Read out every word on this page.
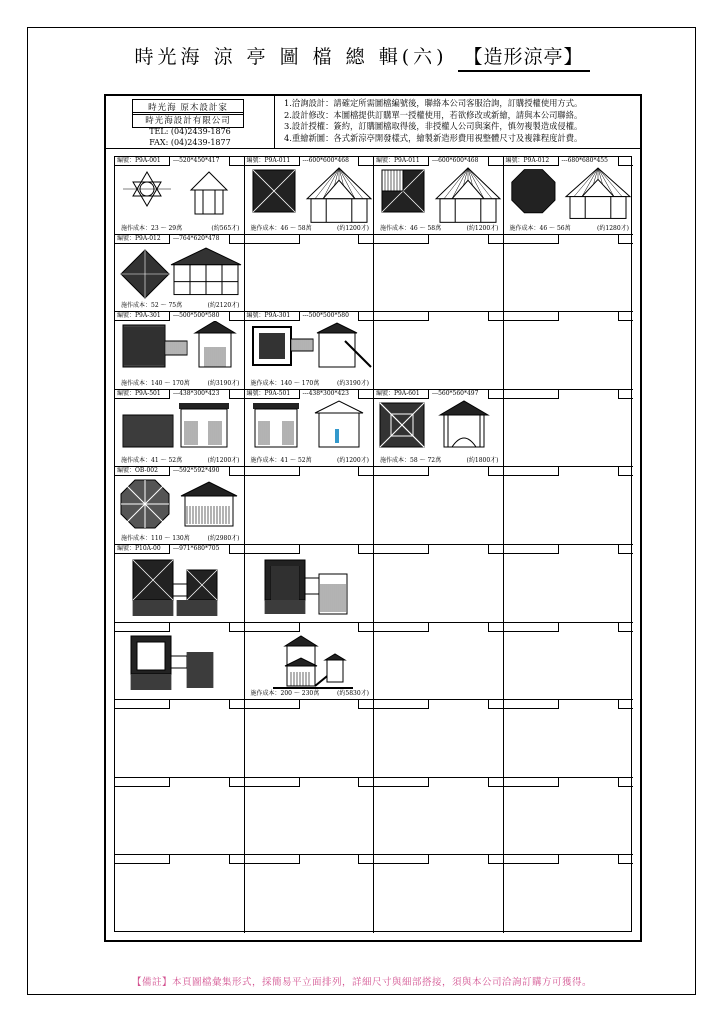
時光海 涼 亭 圖 檔 總 輯(六) 【造形涼亭】
時光海 原木設計家
時光海設計有限公司
TEL: (04)2439-1876
FAX: (04)2439-1877
1.洽詢設計：請確定所需圖檔編號後，聯絡本公司客服洽詢，訂購授權使用方式。
2.設計修改：本圖檔提供訂購單一授權使用，若欲修改或新繪，請與本公司聯絡。
3.設計授權：簽約，訂購圖檔取得後，非授權人公司與案件，慎勿複製造成侵權。
4.重繪新圖：各式新涼亭開發樣式，繪製新造形費用視整體尺寸及複雜程度計費。
編號：P9A-001	---520*450*417
施作成本：23 ～ 29萬	(約565才)
編號：P9A-011	---600*600*468
施作成本：46 ～ 58萬	(約1200才)
編號：P9A-011	---600*600*468
施作成本：46 ～ 58萬	(約1200才)
編號：P9A-012	---680*680*455
施作成本：46 ～ 56萬	(約1280才)
編號：P9A-012	---764*620*478
施作成本：52 ～ 75萬	(約2120才)
編號：P9A-301	---500*500*580
施作成本：140 ～ 170萬	(約3190才)
編號：P9A-301	---500*500*580
施作成本：140 ～ 170萬	(約3190才)
編號：P9A-501	---438*300*423
施作成本：41 ～ 52萬	(約1200才)
編號：P9A-501	---438*300*423
施作成本：41 ～ 52萬	(約1200才)
編號：P9A-601	---560*560*497
施作成本：58 ～ 72萬	(約1800才)
編號：OB-002	---592*592*490
施作成本：110 ～ 130萬	(約2980才)
編號：P10A-00	---971*680*705
施作成本：200 ～ 230萬	(約5830才)
【備註】本頁圖檔彙集形式，採簡易平立面排列，詳細尺寸與細部搭接，須與本公司洽詢訂購方可獲得。
